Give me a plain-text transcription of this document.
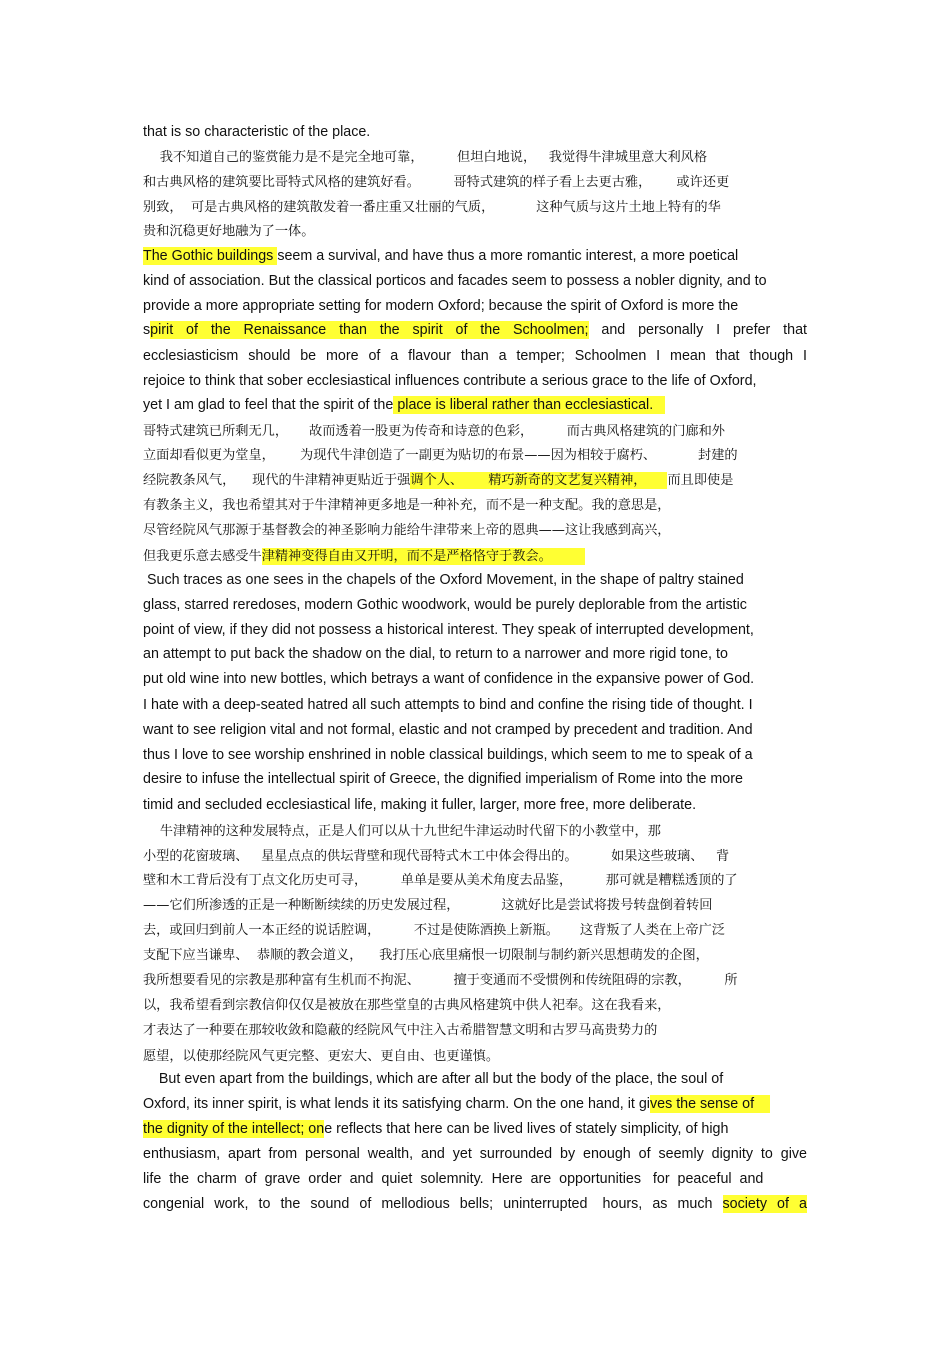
that is so characteristic of the place.

我不知道自己的鉴赏能力是不是完全地可靠，        但坦白地说，   我觉得牛津城里意大利风格

和古典风格的建筑要比哥特式风格的建筑好看。        哥特式建筑的样子看上去更古雅，      或许还更

别致，  可是古典风格的建筑散发着一番庄重又壮丽的气质，          这种气质与这片土地上特有的华

贵和沉稳更好地融为了一体。

The Gothic buildings seem a survival, and have thus a more romantic interest, a more poetical

kind of association. But the classical porticos and facades seem to possess a nobler dignity, and to

provide a more appropriate setting for modern Oxford; because the spirit of Oxford is more the

spirit  of  the  Renaissance  than  the  spirit  of  the  Schoolmen;  and  personally  I  prefer  that

ecclesiasticism  should  be  more  of  a  flavour  than  a  temper;  Schoolmen  I  mean  that  though  I

rejoice to think that sober ecclesiastical influences contribute a serious grace to the life of Oxford,

yet I am glad to feel that the spirit of the place is liberal rather than ecclesiastical.

哥特式建筑已所剩无几，     故而透着一股更为传奇和诗意的色彩，        而古典风格建筑的门廊和外

立面却看似更为堂皇，      为现代牛津创造了一副更为贴切的布景——因为相较于腐朽、          封建的

经院教条风气，    现代的牛津精神更贴近于强调个人、      精巧新奇的文艺复兴精神，     而且即使是

有教条主义，我也希望其对于牛津精神更多地是一种补充，而不是一种支配。我的意思是，

尽管经院风气那源于基督教会的神圣影响力能给牛津带来上帝的恩典——这让我感到高兴，

但我更乐意去感受牛津精神变得自由又开明，而不是严格恪守于教会。

Such traces as one sees in the chapels of the Oxford Movement, in the shape of paltry stained

glass, starred reredoses, modern Gothic woodwork, would be purely deplorable from the artistic

point of view, if they did not possess a historical interest. They speak of interrupted development,

an attempt to put back the shadow on the dial, to return to a narrower and more rigid tone, to

put old wine into new bottles, which betrays a want of confidence in the expansive power of God.

I hate with a deep-seated hatred all such attempts to bind and confine the rising tide of thought. I

want to see religion vital and not formal, elastic and not cramped by precedent and tradition. And

thus I love to see worship enshrined in noble classical buildings, which seem to me to speak of a

desire to infuse the intellectual spirit of Greece, the dignified imperialism of Rome into the more

timid and secluded ecclesiastical life, making it fuller, larger, more free, more deliberate.

牛津精神的这种发展特点，正是人们可以从十九世纪牛津运动时代留下的小教堂中，那

小型的花窗玻璃、   星星点点的供坛背壁和现代哥特式木工中体会得出的。        如果这些玻璃、   背

壁和木工背后没有丁点文化历史可寻，        单单是要从美术角度去品鉴，        那可就是糟糕透顶的了

——它们所渗透的正是一种断断续续的历史发展过程，          这就好比是尝试将拨号转盘倒着转回

去，或回归到前人一本正经的说话腔调，        不过是使陈酒换上新瓶。     这背叛了人类在上帝广泛

支配下应当谦卑、  恭顺的教会道义，    我打压心底里痛恨一切限制与制约新兴思想萌发的企图，

我所想要看见的宗教是那种富有生机而不拘泥、        擅于变通而不受惯例和传统阻碍的宗教，        所

以，我希望看到宗教信仰仅仅是被放在那些堂皇的古典风格建筑中供人祀奉。这在我看来，

才表达了一种要在那较收敛和隐蔽的经院风气中注入古希腊智慧文明和古罗马高贵势力的

愿望，以使那经院风气更完整、更宏大、更自由、也更谨慎。

But even apart from the buildings, which are after all but the body of the place, the soul of

Oxford, its inner spirit, is what lends it its satisfying charm. On the one hand, it gives the sense of

the dignity of the intellect; one reflects that here can be lived lives of stately simplicity, of high

enthusiasm, apart from personal wealth, and yet surrounded by enough of seemly dignity to give

life  the  charm  of  grave  order  and  quiet  solemnity.  Here  are  opportunities   for  peaceful  and

congenial  work,  to  the  sound  of  mellodious  bells;  uninterrupted   hours,  as  much  society  of  a
